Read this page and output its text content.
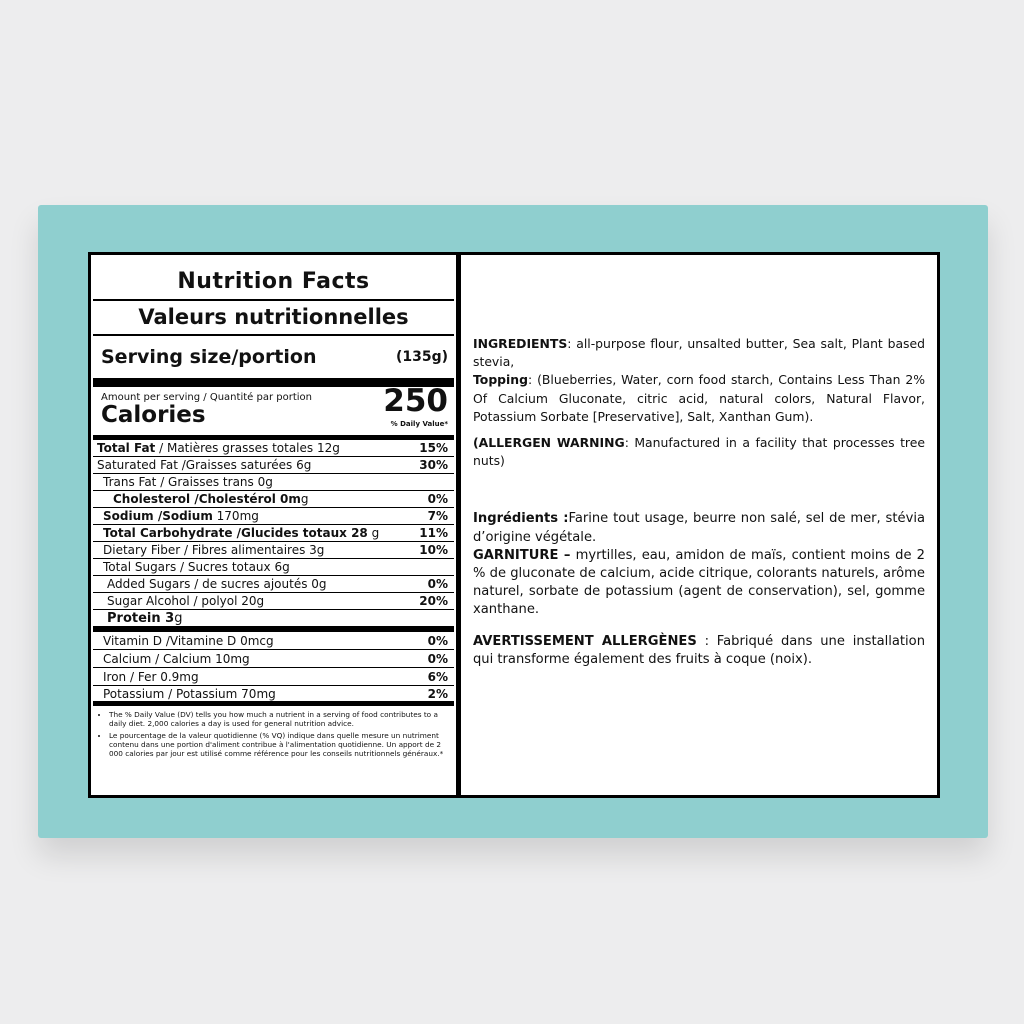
Nutrition Facts
Valeurs nutritionnelles
Serving size/portion	(135g)
Amount per serving / Quantité par portion
Calories	250
% Daily Value*
Total Fat / Matières grasses totales 12g	15%
Saturated Fat /Graisses saturées 6g	30%
Trans Fat / Graisses trans 0g
Cholesterol /Cholestérol 0mg	0%
Sodium /Sodium 170mg	7%
Total Carbohydrate /Glucides totaux 28 g	11%
Dietary Fiber / Fibres alimentaires 3g	10%
Total Sugars / Sucres totaux 6g
Added Sugars / de sucres ajoutés 0g	0%
Sugar Alcohol / polyol 20g	20%
Protein 3g
Vitamin D /Vitamine D 0mcg	0%
Calcium / Calcium 10mg	0%
Iron / Fer 0.9mg	6%
Potassium / Potassium 70mg	2%
• The % Daily Value (DV) tells you how much a nutrient in a serving of food contributes to a daily diet. 2,000 calories a day is used for general nutrition advice.
• Le pourcentage de la valeur quotidienne (% VQ) indique dans quelle mesure un nutriment contenu dans une portion d'aliment contribue à l'alimentation quotidienne. Un apport de 2 000 calories par jour est utilisé comme référence pour les conseils nutritionnels généraux.*

INGREDIENTS: all-purpose flour, unsalted butter, Sea salt, Plant based stevia,

Topping: (Blueberries, Water, corn food starch, Contains Less Than 2% Of Calcium Gluconate, citric acid, natural colors, Natural Flavor, Potassium Sorbate [Preservative], Salt, Xanthan Gum).

(ALLERGEN WARNING: Manufactured in a facility that processes tree nuts)

Ingrédients :Farine tout usage, beurre non salé, sel de mer, stévia d’origine végétale.

GARNITURE – myrtilles, eau, amidon de maïs, contient moins de 2 % de gluconate de calcium, acide citrique, colorants naturels, arôme naturel, sorbate de potassium (agent de conservation), sel, gomme xanthane.

AVERTISSEMENT ALLERGÈNES : Fabriqué dans une installation qui transforme également des fruits à coque (noix).
